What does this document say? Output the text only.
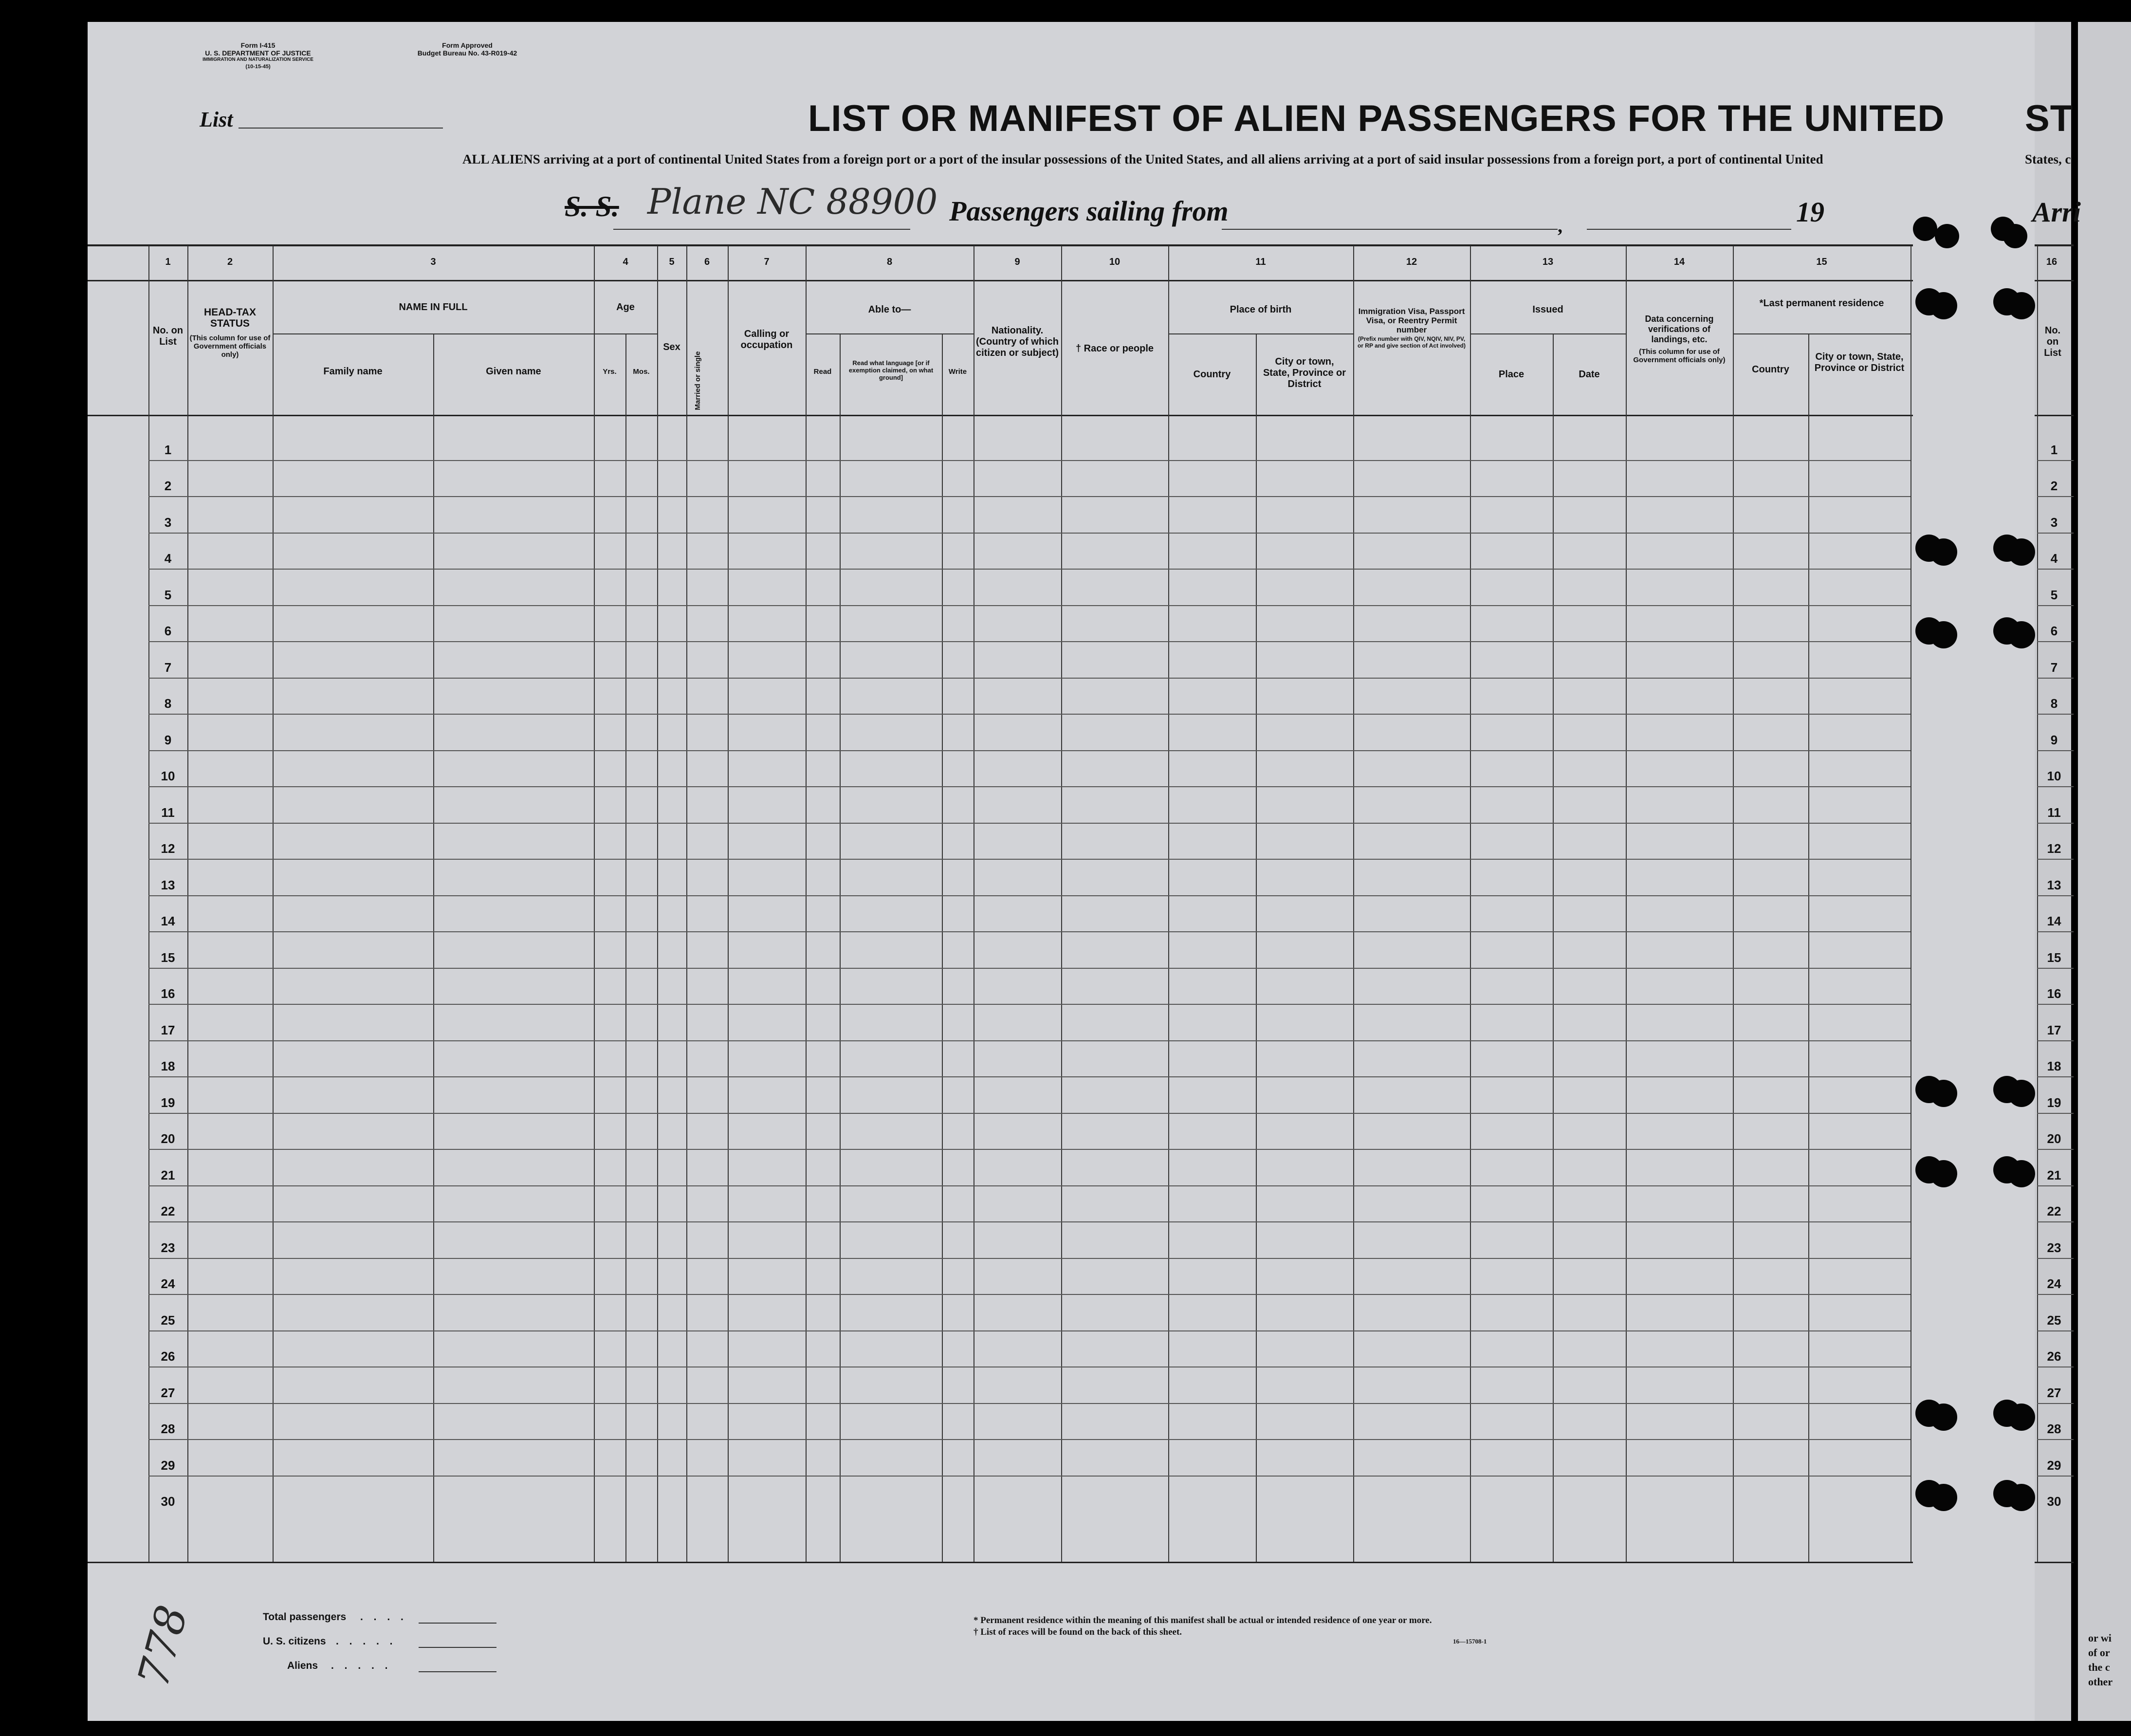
Form I-415
U. S. DEPARTMENT OF JUSTICE
IMMIGRATION AND NATURALIZATION SERVICE
(10-15-45)
Form Approved
Budget Bureau No. 43-R019-42
List	LIST OR MANIFEST OF ALIEN PASSENGERS FOR THE UNITED
ALL ALIENS arriving at a port of continental United States from a foreign port or a port of the insular possessions of the United States, and all aliens arriving at a port of said insular possessions from a foreign port, a port of continental United
S. S. Plane NC 88900 Passengers sailing from	,	19
ST
States, c
Arri
1	2	3	4	5	6	7	8	9	10	11	12	13	14	15	16
No. on List
HEAD-TAX STATUS
(This column for use of Government officials only)
NAME IN FULL
Family name	Given name
Age
Yrs.	Mos.
Sex
Married or single
Calling or occupation
Able to—
Read
Read what language [or if exemption claimed, on what ground]
Write
Nationality. (Country of which citizen or subject)	† Race or people
Place of birth
Country
City or town, State, Province or District
Immigration Visa, Passport Visa, or Reentry Permit number
(Prefix number with QIV, NQIV, NIV, PV, or RP and give section of Act involved)
Issued
Place	Date
Data concerning verifications of landings, etc.
(This column for use of Government officials only)
*Last permanent residence
Country
City or town, State, Province or District
No. on List
1	1
2	2
3	3
4	4
5	5
6	6
7	7
8	8
9	9
10	10
11	11
12	12
13	13
14	14
15	15
16	16
17	17
18	18
19	19
20	20
21	21
22	22
23	23
24	24
25	25
26	26
27	27
28	28
29	29
30	30
Total passengers
U. S. citizens
Aliens
. . . .
. . . . .
. . . . .
* Permanent residence within the meaning of this manifest shall be actual or intended residence of one year or more.
† List of races will be found on the back of this sheet.
16—15708-1
778	or wi
of or
the c
other
